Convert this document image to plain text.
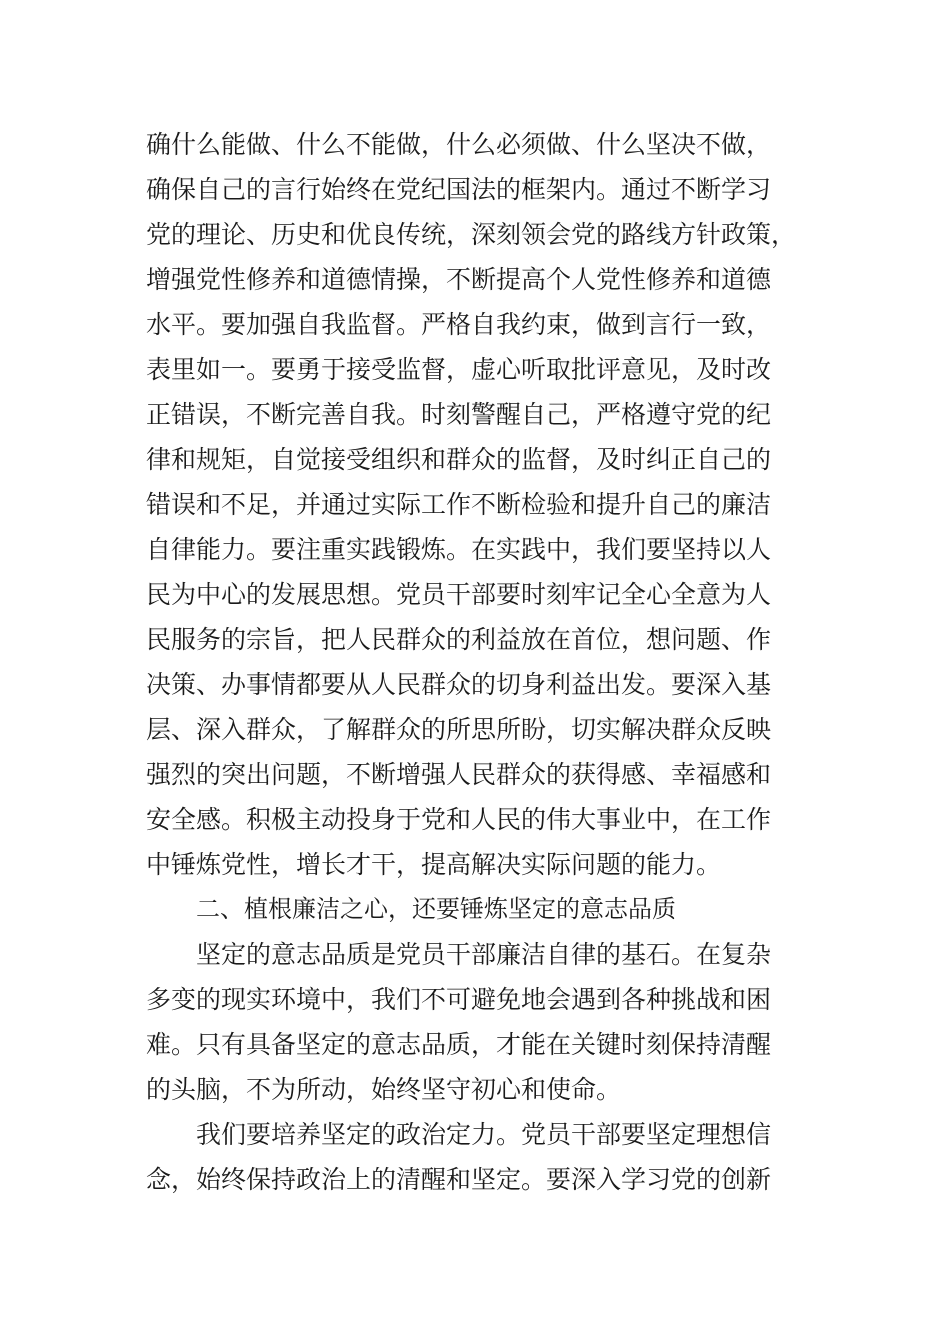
确什么能做、什么不能做，什么必须做、什么坚决不做，
确保自己的言行始终在党纪国法的框架内。通过不断学习
党的理论、历史和优良传统，深刻领会党的路线方针政策，
增强党性修养和道德情操，不断提高个人党性修养和道德
水平。要加强自我监督。严格自我约束，做到言行一致，
表里如一。要勇于接受监督，虚心听取批评意见，及时改
正错误，不断完善自我。时刻警醒自己，严格遵守党的纪
律和规矩，自觉接受组织和群众的监督，及时纠正自己的
错误和不足，并通过实际工作不断检验和提升自己的廉洁
自律能力。要注重实践锻炼。在实践中，我们要坚持以人
民为中心的发展思想。党员干部要时刻牢记全心全意为人
民服务的宗旨，把人民群众的利益放在首位，想问题、作
决策、办事情都要从人民群众的切身利益出发。要深入基
层、深入群众，了解群众的所思所盼，切实解决群众反映
强烈的突出问题，不断增强人民群众的获得感、幸福感和
安全感。积极主动投身于党和人民的伟大事业中，在工作
中锤炼党性，增长才干，提高解决实际问题的能力。
二、植根廉洁之心，还要锤炼坚定的意志品质
坚定的意志品质是党员干部廉洁自律的基石。在复杂
多变的现实环境中，我们不可避免地会遇到各种挑战和困
难。只有具备坚定的意志品质，才能在关键时刻保持清醒
的头脑，不为所动，始终坚守初心和使命。
我们要培养坚定的政治定力。党员干部要坚定理想信
念，始终保持政治上的清醒和坚定。要深入学习党的创新
